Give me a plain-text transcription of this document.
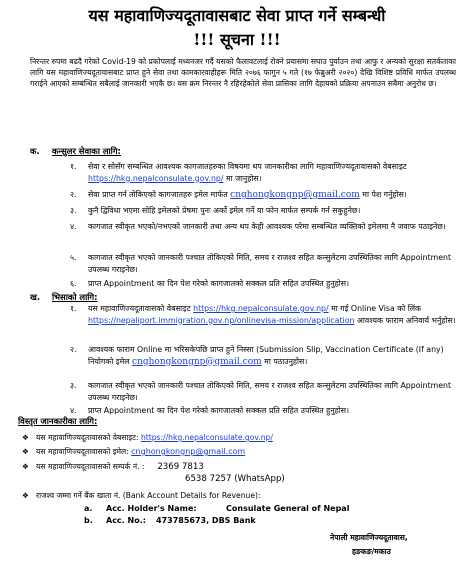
यस महावाणिज्यदूतावासबाट सेवा प्राप्त गर्ने सम्बन्धी
!!! सूचना !!!
निरन्तर रुपमा बढदै गरेको Covid-19 को प्रकोपलाई मध्यनजर गर्दै यसको फैलावटलाई रोक्ने प्रयासमा सघाउ पुर्याउन तथा आफु र अन्यको सुरक्षा सतर्कताका लागि यस महावाणिज्यदूतावासबाट प्राप्त हुने सेवा तथा कामकारवाहीहरू मिति २०७६ फागुन ५ गते (१७ फेब्रुअरी २०२०) देखि विशिष्ट प्रविधि मार्फत उपलब्ध गराईने आएको सम्बन्धित सबैलाई जानकारी भएकै छ। यस क्रम निरन्तर नै रहिरहेकोले सेवा प्रासिका लागि देहायको प्रक्रिया अपनाउन सबैमा अनुरोध छ।
क. कन्सुलर सेवाका लागि:
१. सेवा र सोसँग सम्बन्धित आवश्यक कागजातहरुका विषयमा थप जानकारीका लागि महावाणिज्यदूतावासको वेबसाइट https://hkg.nepalconsulate.gov.np/ मा जानुहोस।
२. सेवा प्राप्त गर्न तोकिएको कागजातहरु इमेल मार्फत cnghongkongnp@gmail.com मा पेश गर्नुहोस।
३. कुनै द्विविधा भएमा सोहि इमेलको प्रेषमा पुनः अर्को इमेल गर्ने या फोन मार्फत सम्पर्क गर्न सकुहुनेछ।
४. कागजात स्वीकृत भएको/नभएको जानकारी तथा अन्य थप केही आवश्यक परेमा सम्बन्धित व्यक्तिको इमेलमा नै जवाफ पठाइनेछ।
५. कागजात स्वीकृत भएको जानकारी पश्चात तोकिएको मिति, समय र राजश्व सहित कन्सुलेटमा उपस्थितिका लागि Appointment उपलब्ध गराइनेछ।
६. प्राप्त Appointment का दिन पेश गरेको कागजातको सक्कल प्रति सहित उपस्थित हुनुहोस।
ख. भिसाको लागि:
१. यस महावाणिज्यदूतावासको वेबसाइट https://hkg.nepalconsulate.gov.np/ मा गई Online Visa को लिंक https://nepaliport.immigration.gov.np/onlinevisa-mission/application आवश्यक फाराम अनिवार्य भर्नुहोस।
२. आवश्यक फाराम Online मा भरिसकेपछि प्राप्त हुने निस्सा (Submission Slip, Vaccination Certificate (If any) नियोगको इमेल cnghongkongnp@gmail.com मा पठाउनुहोस।
३. कागजात स्वीकृत भएको जानकारी पश्चात तोकिएको मिति, समय र राजश्व सहित कन्सुलेटमा उपस्थितिका लागि Appointment उपलब्ध गराइनेछ।
४. प्राप्त Appointment का दिन पेश गरेको कागजातको सक्कल प्रति सहित उपस्थित हुनुहोस।
विस्तृत जानकारीका लागि:
❖ यस महावाणिज्यदूतावासको वेबसाइट: https://hkg.nepalconsulate.gov.np/
❖ यस महावाणिज्यदूतावासको इमेल: cnghongkongnp@gmail.com
❖ यस महावाणिज्यदूतावासको सम्पर्क नं. : 2369 7813
6538 7257 (WhatsApp)
❖ राजश्व जम्मा गर्ने बैंक खाता नं. (Bank Account Details for Revenue):
a. Acc. Holder's Name:	Consulate General of Nepal
b. Acc. No.: 473785673, DBS Bank
नेपाली महावाणिज्यदूतावास,
हङकङ/मकाउ
